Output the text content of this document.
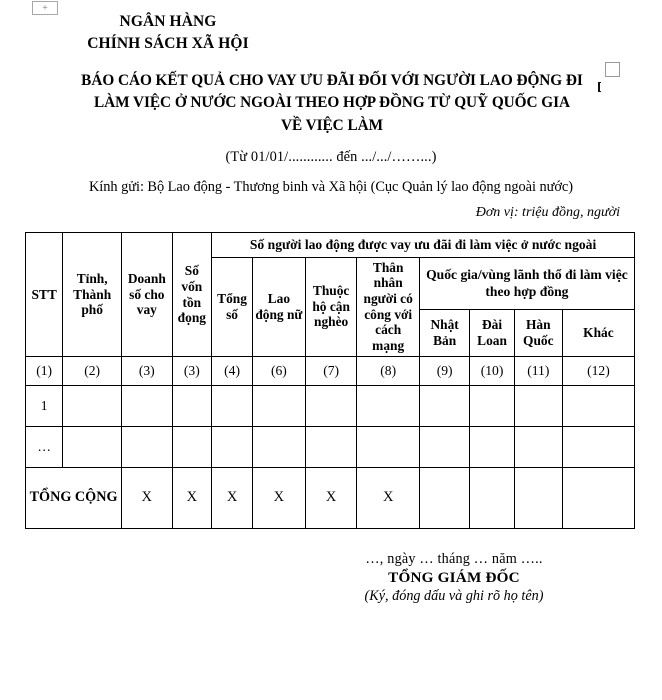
+
NGÂN HÀNG
CHÍNH SÁCH XÃ HỘI
BÁO CÁO KẾT QUẢ CHO VAY ƯU ĐÃI ĐỐI VỚI NGƯỜI LAO ĐỘNG ĐI
LÀM VIỆC Ở NƯỚC NGOÀI THEO HỢP ĐỒNG TỪ QUỸ QUỐC GIA
VỀ VIỆC LÀM
(Từ 01/01/............ đến .../.../……...)
Kính gửi: Bộ Lao động - Thương binh và Xã hội (Cục Quản lý lao động ngoài nước)
Đơn vị: triệu đồng, người
STT	Tỉnh, Thành phố	Doanh số cho vay	Số vốn tồn đọng	Số người lao động được vay ưu đãi đi làm việc ở nước ngoài							
				Tổng số	Lao động nữ	Thuộc hộ cận nghèo	Thân nhân người có công với cách mạng	Quốc gia/vùng lãnh thổ đi làm việc theo hợp đồng			
								Nhật Bản	Đài Loan	Hàn Quốc	Khác
(1)	(2)	(3)	(3)	(4)	(6)	(7)	(8)	(9)	(10)	(11)	(12)
1											
…											
TỔNG CỘNG		X	X	X	X	X	X				
…, ngày … tháng … năm …..
TỔNG GIÁM ĐỐC
(Ký, đóng dấu và ghi rõ họ tên)
